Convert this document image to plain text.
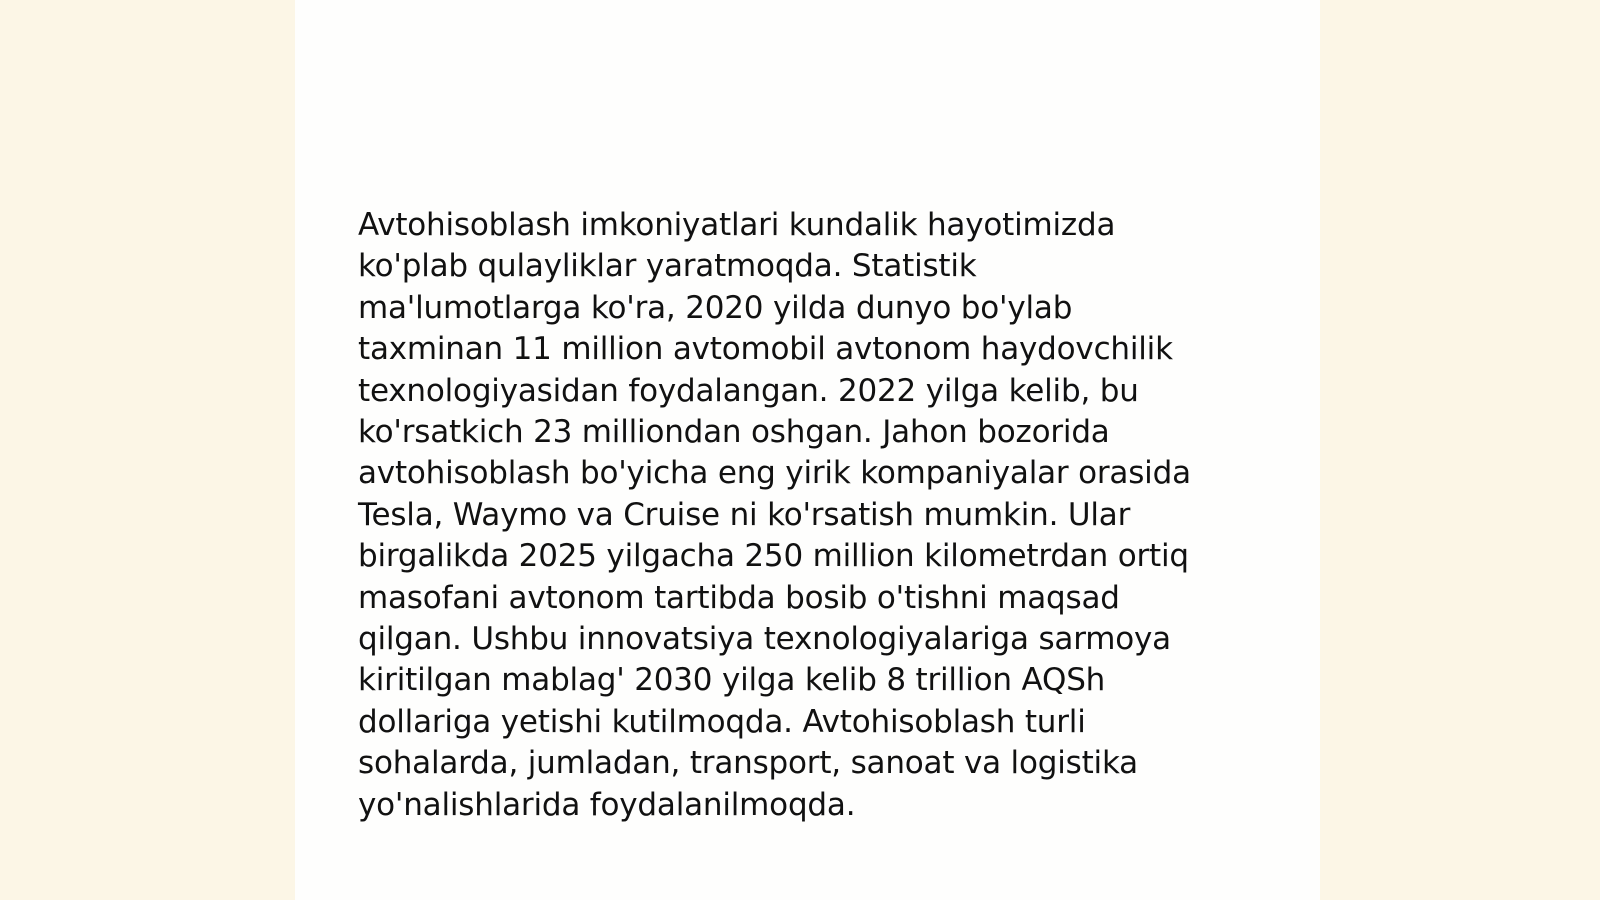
Avtohisoblash imkoniyatlari kundalik hayotimizda
ko'plab qulayliklar yaratmoqda. Statistik
ma'lumotlarga ko'ra, 2020 yilda dunyo bo'ylab
taxminan 11 million avtomobil avtonom haydovchilik
texnologiyasidan foydalangan. 2022 yilga kelib, bu
ko'rsatkich 23 milliondan oshgan. Jahon bozorida
avtohisoblash bo'yicha eng yirik kompaniyalar orasida
Tesla, Waymo va Cruise ni ko'rsatish mumkin. Ular
birgalikda 2025 yilgacha 250 million kilometrdan ortiq
masofani avtonom tartibda bosib o'tishni maqsad
qilgan. Ushbu innovatsiya texnologiyalariga sarmoya
kiritilgan mablag' 2030 yilga kelib 8 trillion AQSh
dollariga yetishi kutilmoqda. Avtohisoblash turli
sohalarda, jumladan, transport, sanoat va logistika
yo'nalishlarida foydalanilmoqda.
